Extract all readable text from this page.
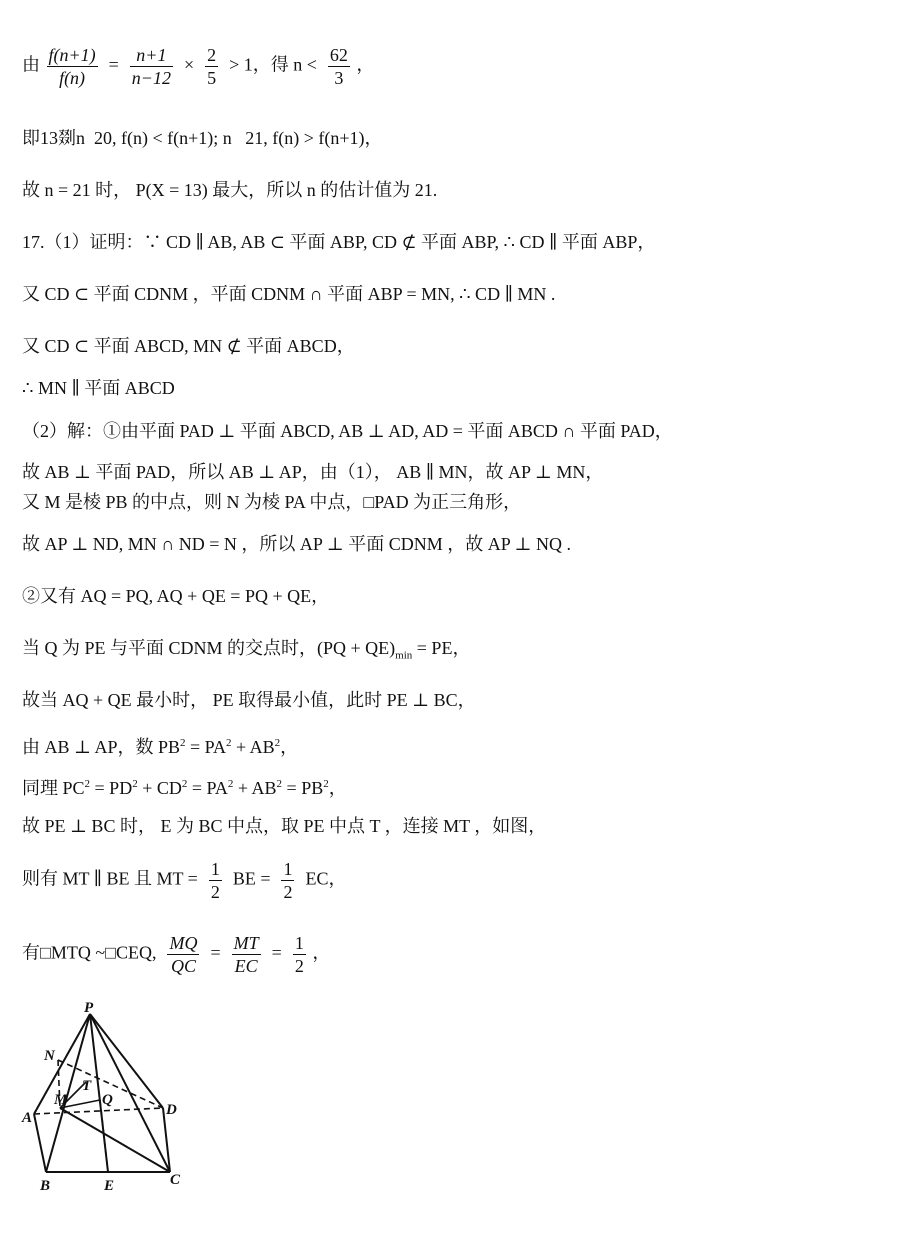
由 $\frac{f(n+1)}{f(n)} = \frac{n+1}{n-12} \times \frac{2}{5} > 1$，得 $n < \frac{62}{3}$ ，
即13剟n  20, f(n) < f(n+1); n   21, f(n) > f(n+1)，
故 n = 21 时， P(X = 13) 最大，所以 n 的估计值为 21.
17.（1）证明：∵ CD ∥ AB, AB ⊂ 平面 ABP, CD ⊄ 平面 ABP, ∴ CD ∥ 平面 ABP，
又 CD ⊂ 平面 CDNM ，平面 CDNM ∩ 平面 ABP = MN, ∴ CD ∥ MN .
又 CD ⊂ 平面 ABCD, MN ⊄ 平面 ABCD，
∴ MN ∥ 平面 ABCD
（2）解：①由平面 PAD ⊥ 平面 ABCD, AB ⊥ AD, AD = 平面 ABCD ∩ 平面 PAD，
故 AB ⊥ 平面 PAD，所以 AB ⊥ AP，由（1）， AB ∥ MN，故 AP ⊥ MN，
又 M 是棱 PB 的中点，则 N 为棱 PA 中点，□PAD 为正三角形，
故 AP ⊥ ND, MN ∩ ND = N ，所以 AP ⊥ 平面 CDNM ，故 AP ⊥ NQ .
②又有 AQ = PQ, AQ + QE = PQ + QE，
当 Q 为 PE 与平面 CDNM 的交点时，$(PQ + QE)_{min}$ = PE，
故当 AQ + QE 最小时， PE 取得最小值，此时 PE ⊥ BC，
由 AB ⊥ AP，数 $PB^2 = PA^2 + AB^2$，
同理 $PC^2 = PD^2 + CD^2 = PA^2 + AB^2 = PB^2$，
故 PE ⊥ BC 时， E 为 BC 中点，取 PE 中点 T ，连接 MT ，如图，
则有 MT ∥ BE 且 MT = $\frac{1}{2}$ BE = $\frac{1}{2}$ EC，
有□MTQ ~□CEQ, $\frac{MQ}{QC} = \frac{MT}{EC} = \frac{1}{2}$ ，
P
N
T
M Q
A	D
B	E	C
